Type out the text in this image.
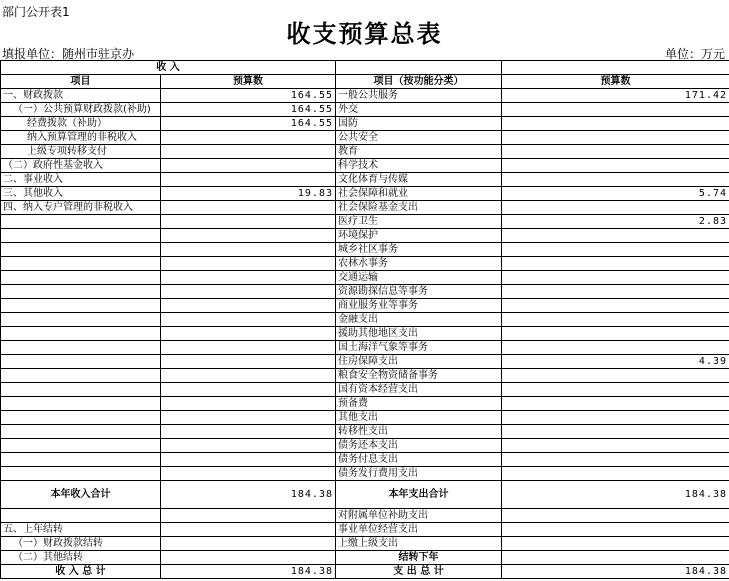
部门公开表1
收支预算总表
填报单位：随州市驻京办	单位：万元
收 入			
项目	预算数	项目（按功能分类）	预算数
一、财政拨款	164.55	一般公共服务	171.42
（一）公共预算财政拨款(补助)	164.55	外交	
经费拨款（补助）	164.55	国防	
纳入预算管理的非税收入		公共安全	
上级专项转移支付		教育	
（二）政府性基金收入		科学技术	
二、事业收入		文化体育与传媒	
三、其他收入	19.83	社会保障和就业	5.74
四、纳入专户管理的非税收入		社会保险基金支出	
		医疗卫生	2.83
		环境保护	
		城乡社区事务	
		农林水事务	
		交通运输	
		资源勘探信息等事务	
		商业服务业等事务	
		金融支出	
		援助其他地区支出	
		国土海洋气象等事务	
		住房保障支出	4.39
		粮食安全物资储备事务	
		国有资本经营支出	
		预备费	
		其他支出	
		转移性支出	
		债务还本支出	
		债务付息支出	
		债务发行费用支出	
本年收入合计	184.38	本年支出合计	184.38
		对附属单位补助支出	
五、上年结转		事业单位经营支出	
（一）财政拨款结转		上缴上级支出	
（二）其他结转		结转下年	
收 入 总 计	184.38	支 出 总 计	184.38
